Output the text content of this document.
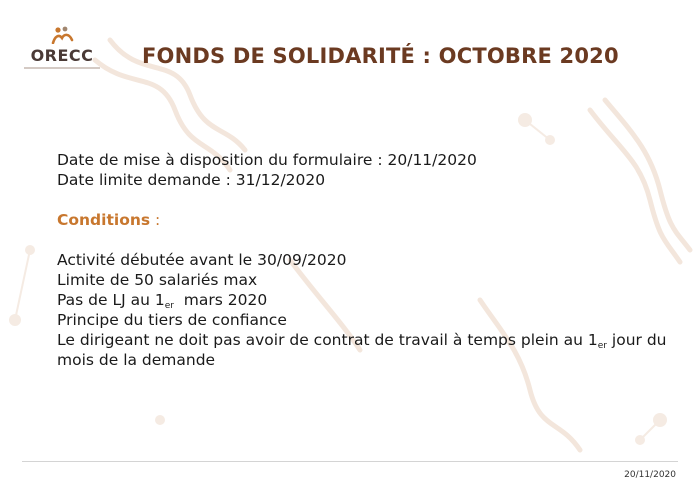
ORECC	FONDS DE SOLIDARITÉ : OCTOBRE 2020
Date de mise à disposition du formulaire : 20/11/2020
Date limite demande : 31/12/2020
Conditions :
Activité débutée avant le 30/09/2020
Limite de 50 salariés max
Pas de LJ au $1_{er}$  mars 2020
Principe du tiers de confiance
Le dirigeant ne doit pas avoir de contrat de travail à temps plein au $1_{er}$ jour du mois de la demande
20/11/2020
